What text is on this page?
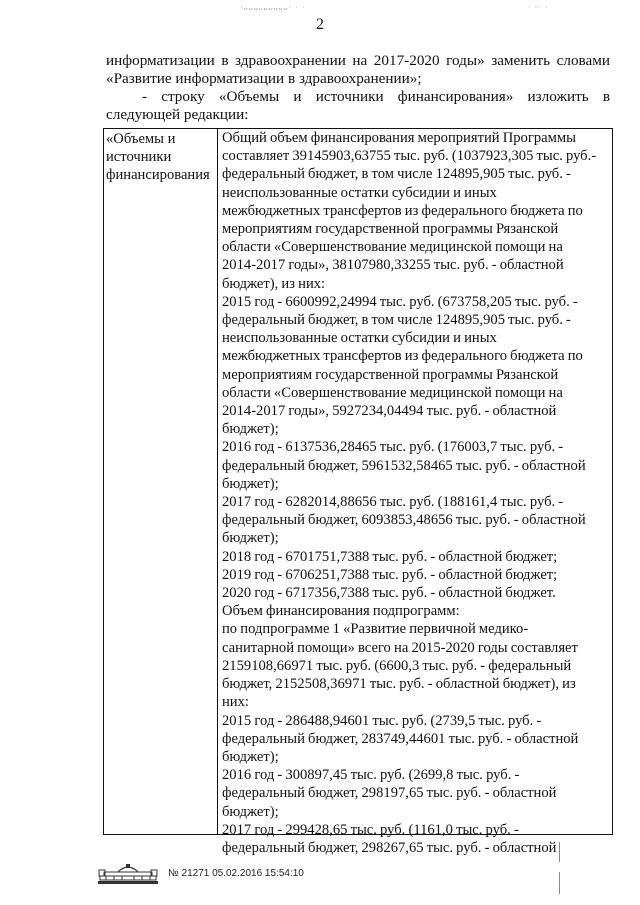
·ᴗᴗᴗᴗᴗᴗᴗᴗᴗ· · ·	· ·· ·
2

информатизации в здравоохранении на 2017-2020 годы» заменить словами

«Развитие информатизации в здравоохранении»;

- строку «Объемы и источники финансирования» изложить в

следующей редакции:

«Объемы и
источники
финансирования
Общий объем финансирования мероприятий Программы
составляет 39145903,63755 тыс. руб. (1037923,305 тыс. руб.-
федеральный бюджет, в том числе 124895,905 тыс. руб. -
неиспользованные остатки субсидии и иных
межбюджетных трансфертов из федерального бюджета по
мероприятиям государственной программы Рязанской
области «Совершенствование медицинской помощи на
2014-2017 годы», 38107980,33255 тыс. руб. - областной
бюджет), из них:
2015 год - 6600992,24994 тыс. руб. (673758,205 тыс. руб. -
федеральный бюджет, в том числе 124895,905 тыс. руб. -
неиспользованные остатки субсидии и иных
межбюджетных трансфертов из федерального бюджета по
мероприятиям государственной программы Рязанской
области «Совершенствование медицинской помощи на
2014-2017 годы», 5927234,04494 тыс. руб. - областной
бюджет);
2016 год - 6137536,28465 тыс. руб. (176003,7 тыс. руб. -
федеральный бюджет, 5961532,58465 тыс. руб. - областной
бюджет);
2017 год - 6282014,88656 тыс. руб. (188161,4 тыс. руб. -
федеральный бюджет, 6093853,48656 тыс. руб. - областной
бюджет);
2018 год - 6701751,7388 тыс. руб. - областной бюджет;
2019 год - 6706251,7388 тыс. руб. - областной бюджет;
2020 год - 6717356,7388 тыс. руб. - областной бюджет.
Объем финансирования подпрограмм:
по подпрограмме 1 «Развитие первичной медико-
санитарной помощи» всего на 2015-2020 годы составляет
2159108,66971 тыс. руб. (6600,3 тыс. руб. - федеральный
бюджет, 2152508,36971 тыс. руб. - областной бюджет), из
них:
2015 год - 286488,94601 тыс. руб. (2739,5 тыс. руб. -
федеральный бюджет, 283749,44601 тыс. руб. - областной
бюджет);
2016 год - 300897,45 тыс. руб. (2699,8 тыс. руб. -
федеральный бюджет, 298197,65 тыс. руб. - областной
бюджет);
2017 год - 299428,65 тыс. руб. (1161,0 тыс. руб. -
федеральный бюджет, 298267,65 тыс. руб. - областной
№ 21271 05.02.2016 15:54:10
